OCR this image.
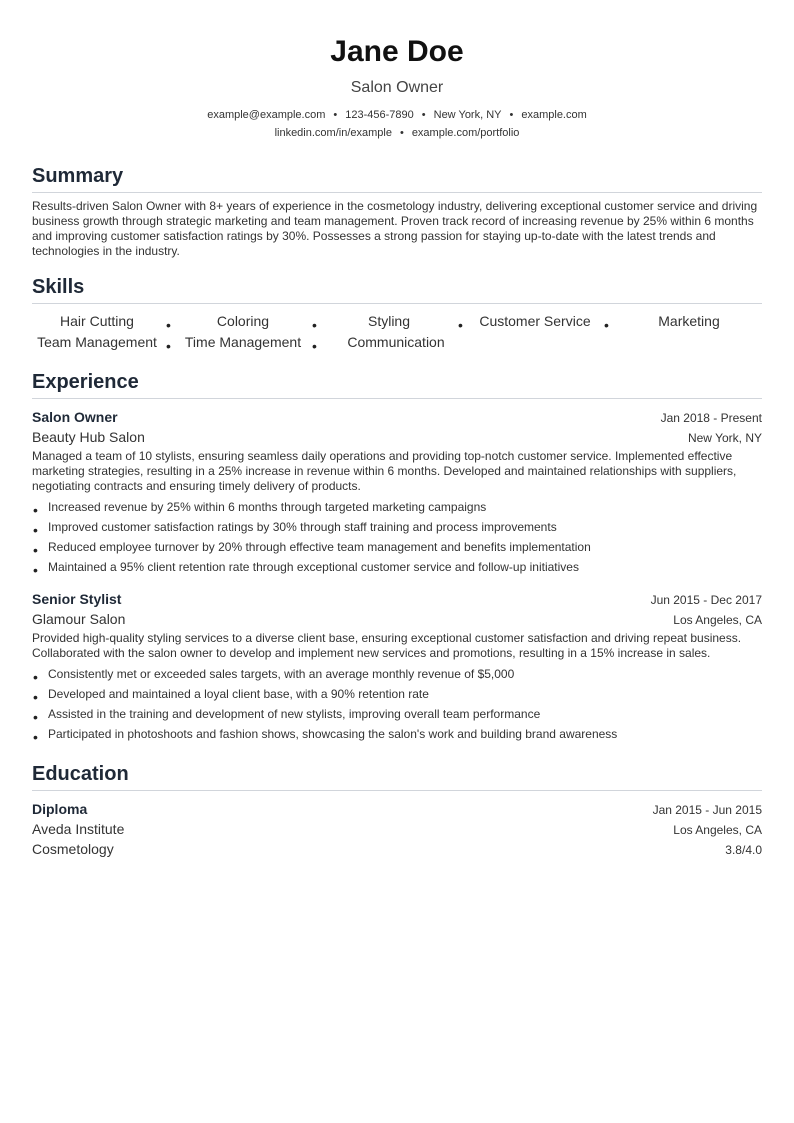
Jane Doe
Salon Owner
example@example.com • 123-456-7890 • New York, NY • example.com
linkedin.com/in/example • example.com/portfolio
Summary
Results-driven Salon Owner with 8+ years of experience in the cosmetology industry, delivering exceptional customer service and driving business growth through strategic marketing and team management. Proven track record of increasing revenue by 25% within 6 months and improving customer satisfaction ratings by 30%. Possesses a strong passion for staying up-to-date with the latest trends and technologies in the industry.
Skills
Hair Cutting	•	Coloring	•	Styling	•	Customer Service •	Marketing
Team Management • Time Management •	Communication
Experience
Salon Owner	Jan 2018 - Present
Beauty Hub Salon	New York, NY
Managed a team of 10 stylists, ensuring seamless daily operations and providing top-notch customer service. Implemented effective marketing strategies, resulting in a 25% increase in revenue within 6 months. Developed and maintained relationships with suppliers, negotiating contracts and ensuring timely delivery of products.
• Increased revenue by 25% within 6 months through targeted marketing campaigns
• Improved customer satisfaction ratings by 30% through staff training and process improvements
• Reduced employee turnover by 20% through effective team management and benefits implementation
• Maintained a 95% client retention rate through exceptional customer service and follow-up initiatives
Senior Stylist	Jun 2015 - Dec 2017
Glamour Salon	Los Angeles, CA
Provided high-quality styling services to a diverse client base, ensuring exceptional customer satisfaction and driving repeat business. Collaborated with the salon owner to develop and implement new services and promotions, resulting in a 15% increase in sales.
• Consistently met or exceeded sales targets, with an average monthly revenue of $5,000
• Developed and maintained a loyal client base, with a 90% retention rate
• Assisted in the training and development of new stylists, improving overall team performance
• Participated in photoshoots and fashion shows, showcasing the salon's work and building brand awareness
Education
Diploma	Jan 2015 - Jun 2015
Aveda Institute	Los Angeles, CA
Cosmetology	3.8/4.0
